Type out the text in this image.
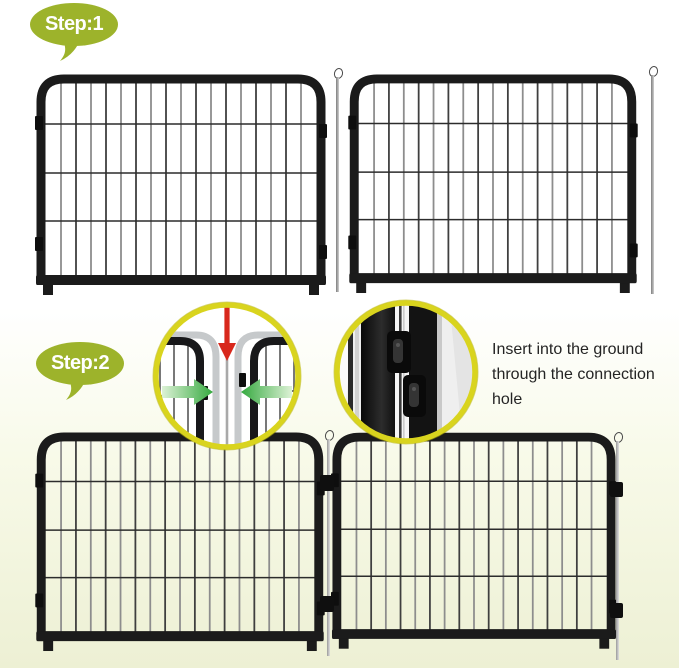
Step:1
Step:2
Insert into the ground through the connection hole
